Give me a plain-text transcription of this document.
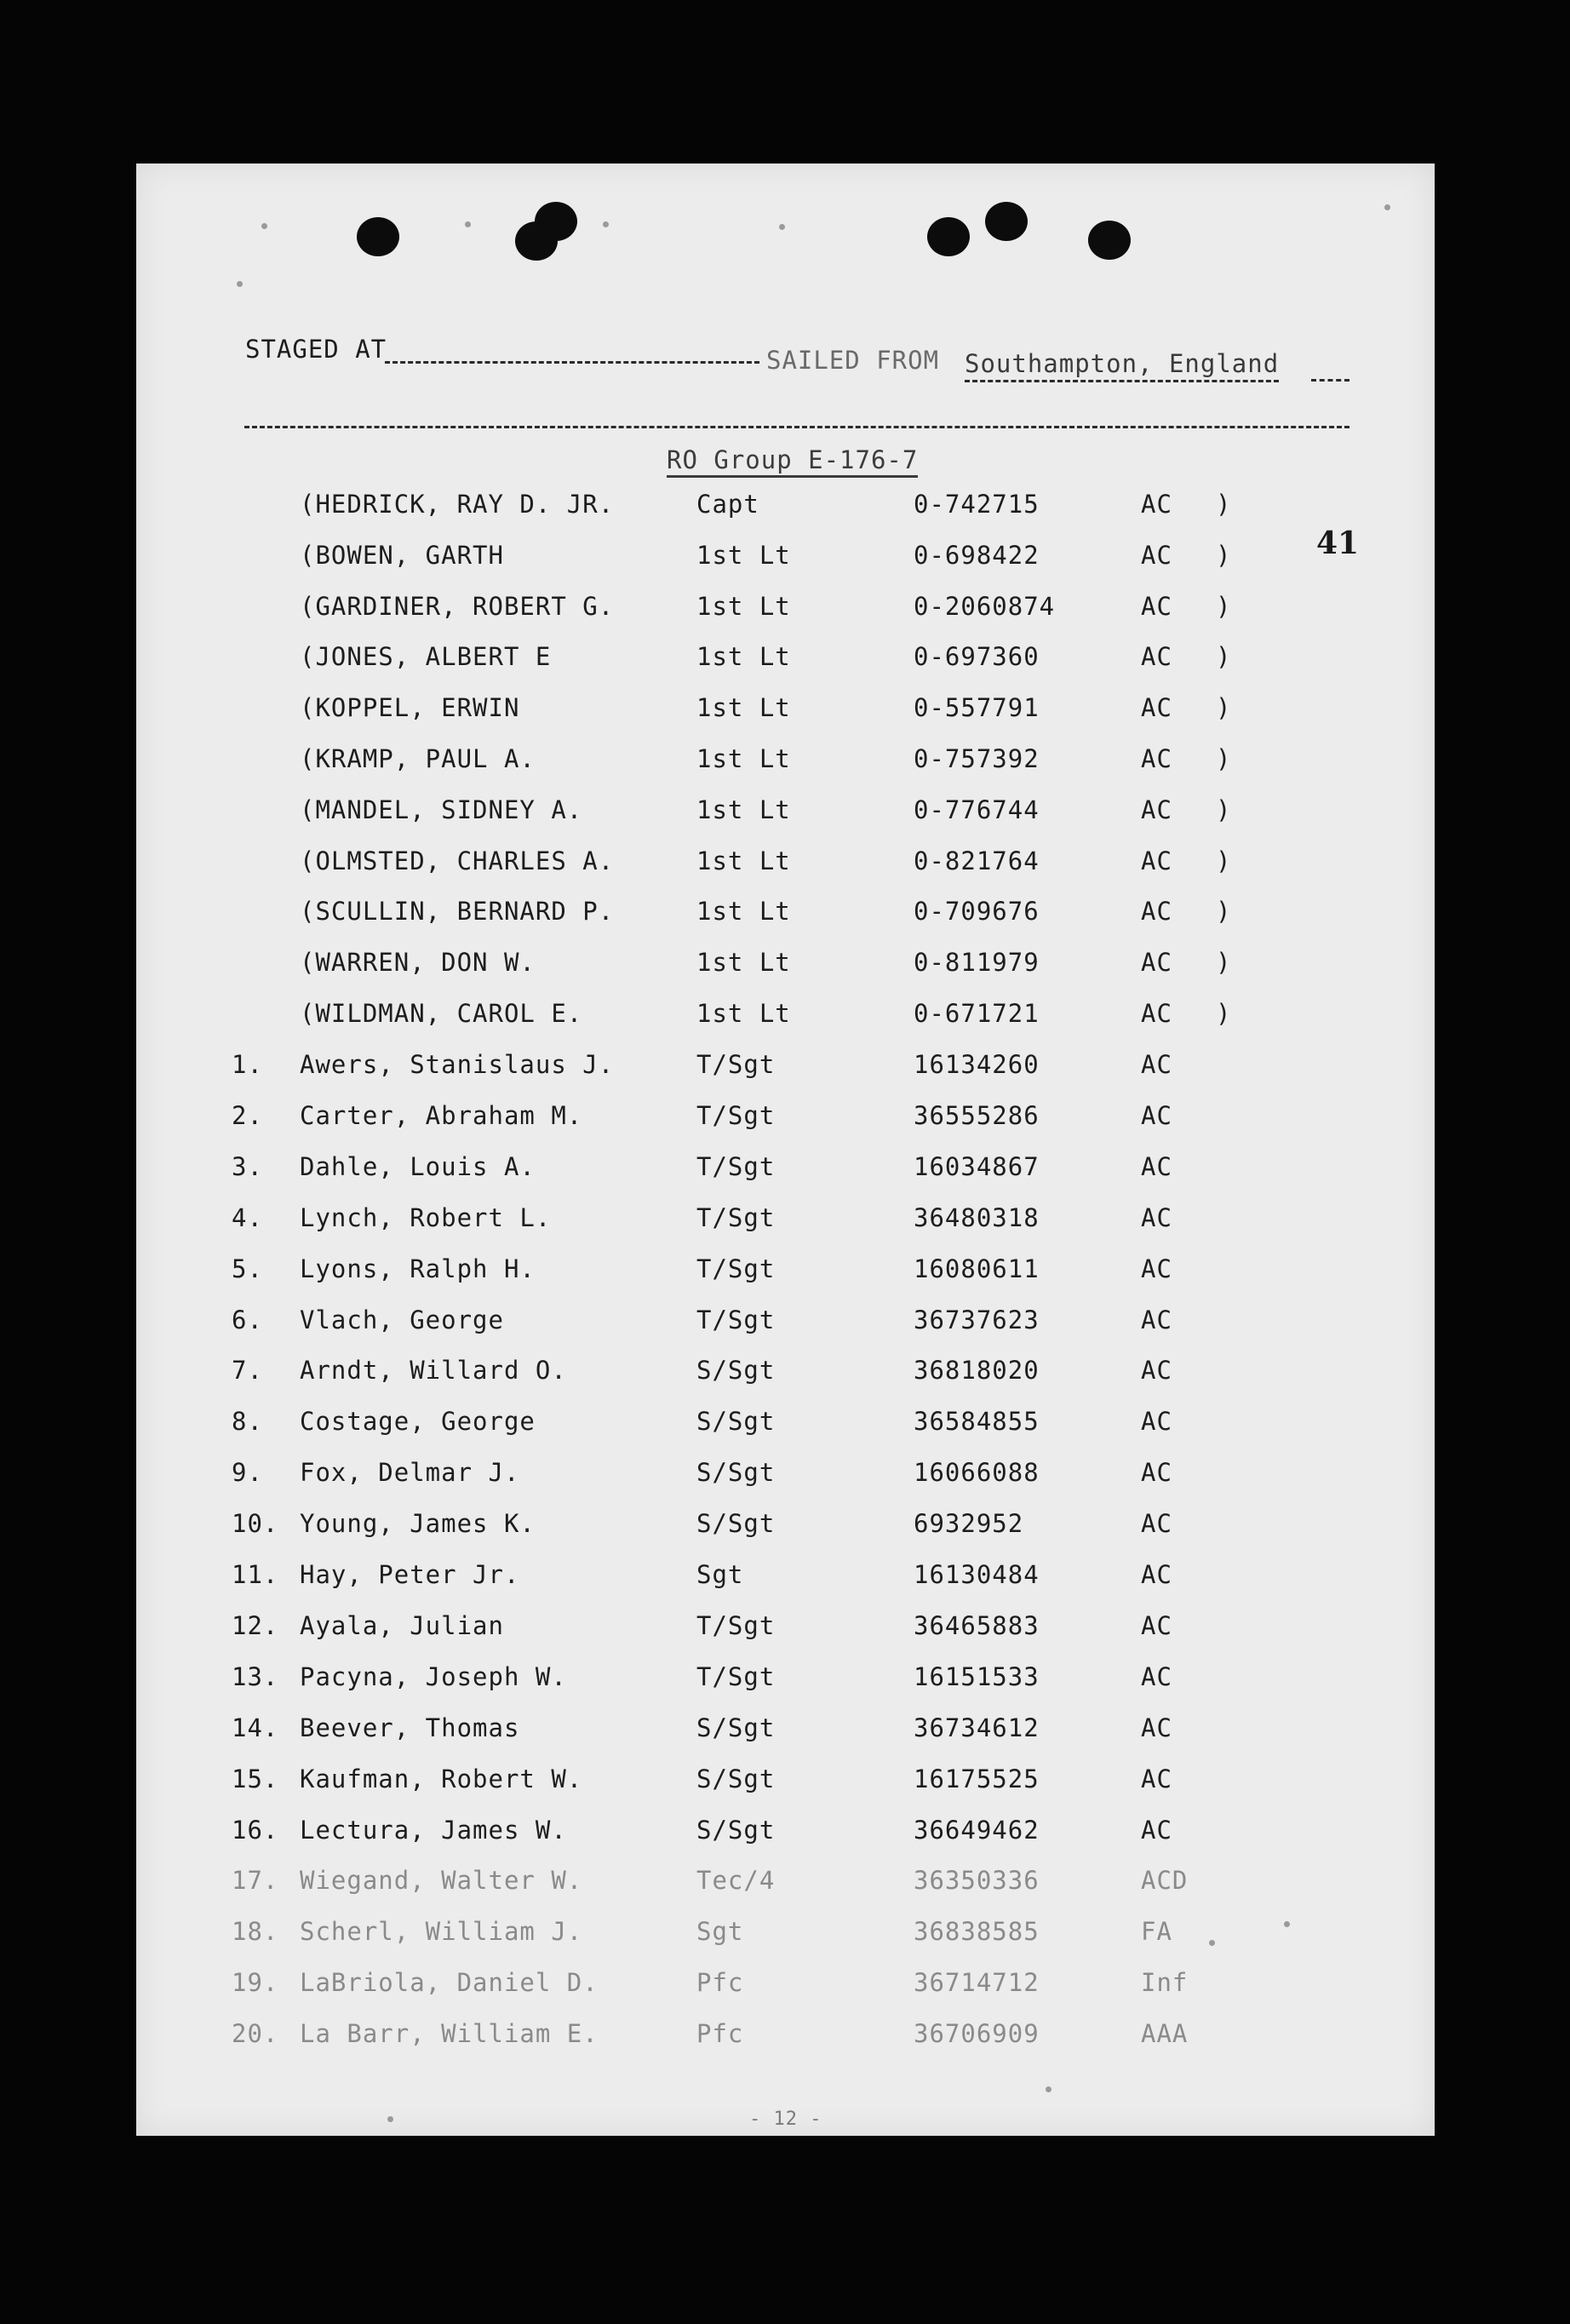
STAGED AT	SAILED FROM Southampton, England
RO Group E-176-7
41
(HEDRICK, RAY D. JR.	Capt	0-742715	AC )
(BOWEN, GARTH	1st Lt	0-698422	AC )
(GARDINER, ROBERT G.	1st Lt	0-2060874	AC )
(JONES, ALBERT E	1st Lt	0-697360	AC )
(KOPPEL, ERWIN	1st Lt	0-557791	AC )
(KRAMP, PAUL A.	1st Lt	0-757392	AC )
(MANDEL, SIDNEY A.	1st Lt	0-776744	AC )
(OLMSTED, CHARLES A.	1st Lt	0-821764	AC )
(SCULLIN, BERNARD P.	1st Lt	0-709676	AC )
(WARREN, DON W.	1st Lt	0-811979	AC )
(WILDMAN, CAROL E.	1st Lt	0-671721	AC )
1.	Awers, Stanislaus J.	T/Sgt	16134260	AC
2.	Carter, Abraham M.	T/Sgt	36555286	AC
3.	Dahle, Louis A.	T/Sgt	16034867	AC
4.	Lynch, Robert L.	T/Sgt	36480318	AC
5.	Lyons, Ralph H.	T/Sgt	16080611	AC
6.	Vlach, George	T/Sgt	36737623	AC
7.	Arndt, Willard O.	S/Sgt	36818020	AC
8.	Costage, George	S/Sgt	36584855	AC
9.	Fox, Delmar J.	S/Sgt	16066088	AC
10. Young, James K.	S/Sgt	6932952	AC
11. Hay, Peter Jr.	Sgt	16130484	AC
12. Ayala, Julian	T/Sgt	36465883	AC
13. Pacyna, Joseph W.	T/Sgt	16151533	AC
14. Beever, Thomas	S/Sgt	36734612	AC
15. Kaufman, Robert W.	S/Sgt	16175525	AC
16. Lectura, James W.	S/Sgt	36649462	AC
17. Wiegand, Walter W.	Tec/4	36350336	ACD
18. Scherl, William J.	Sgt	36838585	FA
19. LaBriola, Daniel D.	Pfc	36714712	Inf
20. La Barr, William E.	Pfc	36706909	AAA
- 12 -
